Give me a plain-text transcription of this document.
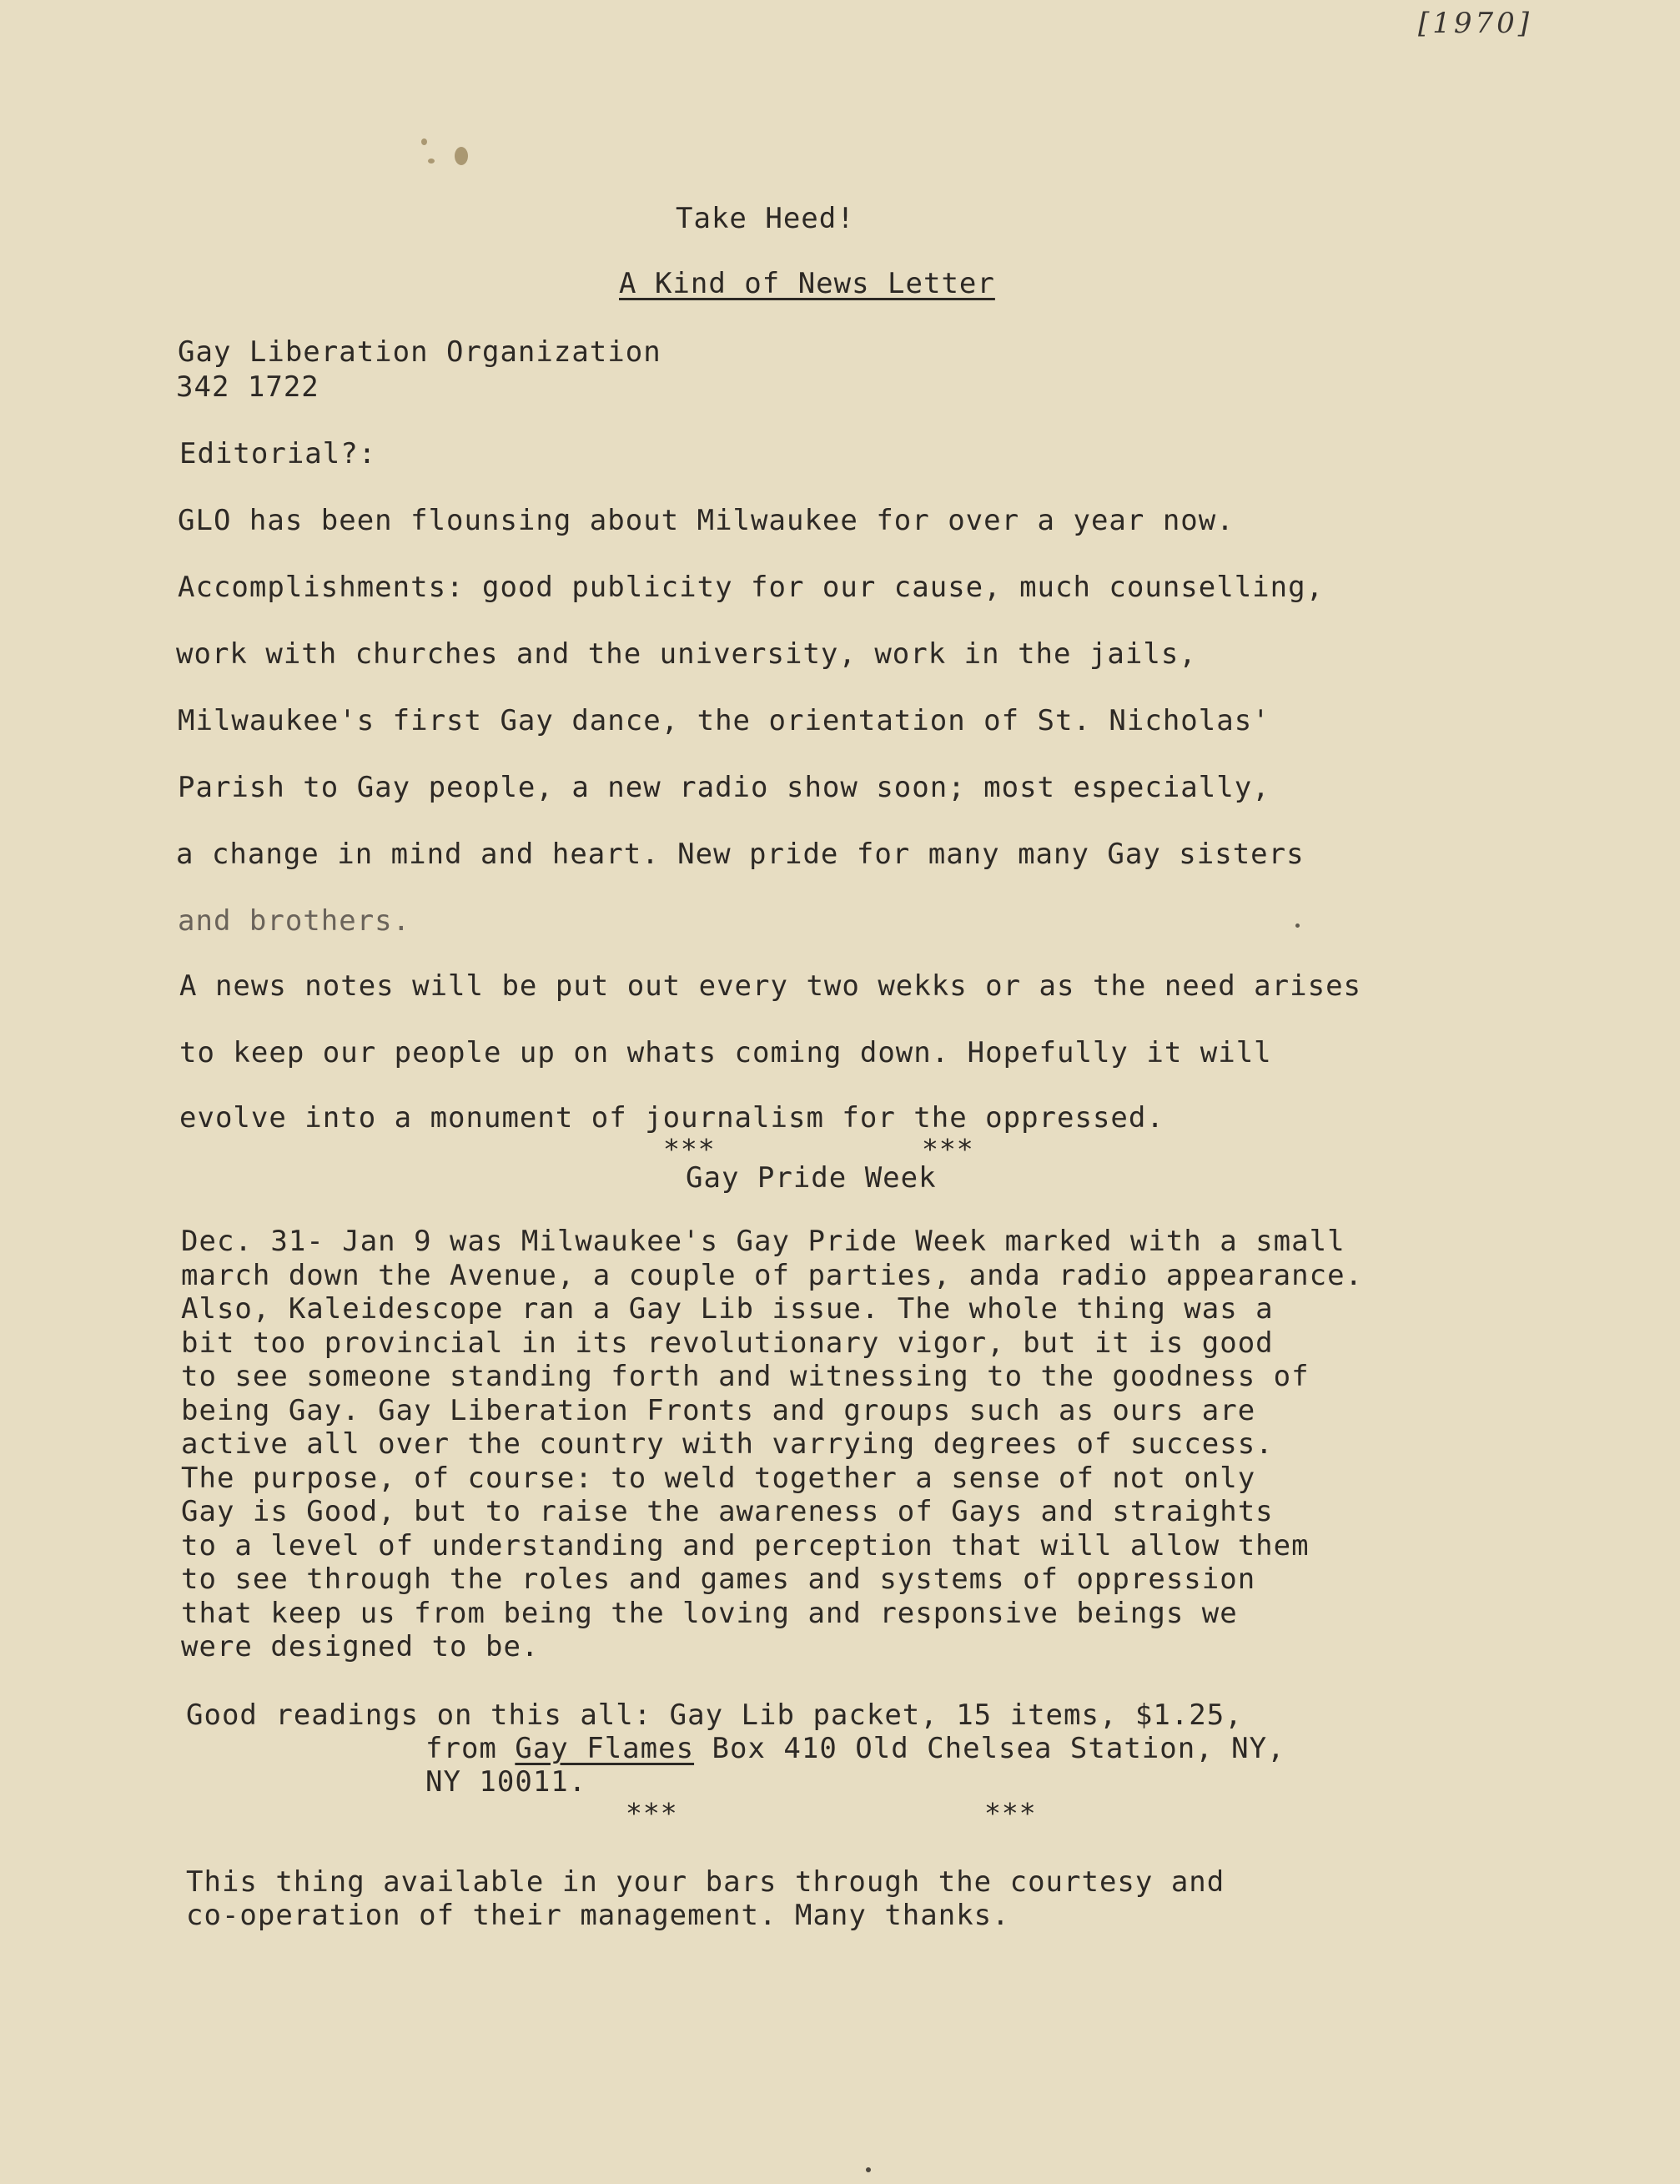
[1970]
Take Heed!
A Kind of News Letter
Gay Liberation Organization
342 1722
Editorial?:
GLO has been flounsing about Milwaukee for over a year now.
Accomplishments: good publicity for our cause, much counselling,
work with churches and the university, work in the jails,
Milwaukee's first Gay dance, the orientation of St. Nicholas'
Parish to Gay people, a new radio show soon; most especially,
a change in mind and heart. New pride for many many Gay sisters
and brothers.
A news notes will be put out every two wekks or as the need arises
to keep our people up on whats coming down. Hopefully it will
evolve into a monument of journalism for the oppressed.
***	***
Gay Pride Week

Dec. 31- Jan 9 was Milwaukee's Gay Pride Week marked with a small

march down the Avenue, a couple of parties, anda radio appearance.

Also, Kaleidescope ran a Gay Lib issue. The whole thing was a

bit too provincial in its revolutionary vigor, but it is good

to see someone standing forth and witnessing to the goodness of

being Gay. Gay Liberation Fronts and groups such as ours are

active all over the country with varrying degrees of success.

The purpose, of course: to weld together a sense of not only

Gay is Good, but to raise the awareness of Gays and straights

to a level of understanding and perception that will allow them

to see through the roles and games and systems of oppression

that keep us from being the loving and responsive beings we

were designed to be.

Good readings on this all: Gay Lib packet, 15 items, $1.25,
from Gay Flames Box 410 Old Chelsea Station, NY,
NY 10011.
***	***
This thing available in your bars through the courtesy and
co-operation of their management. Many thanks.
